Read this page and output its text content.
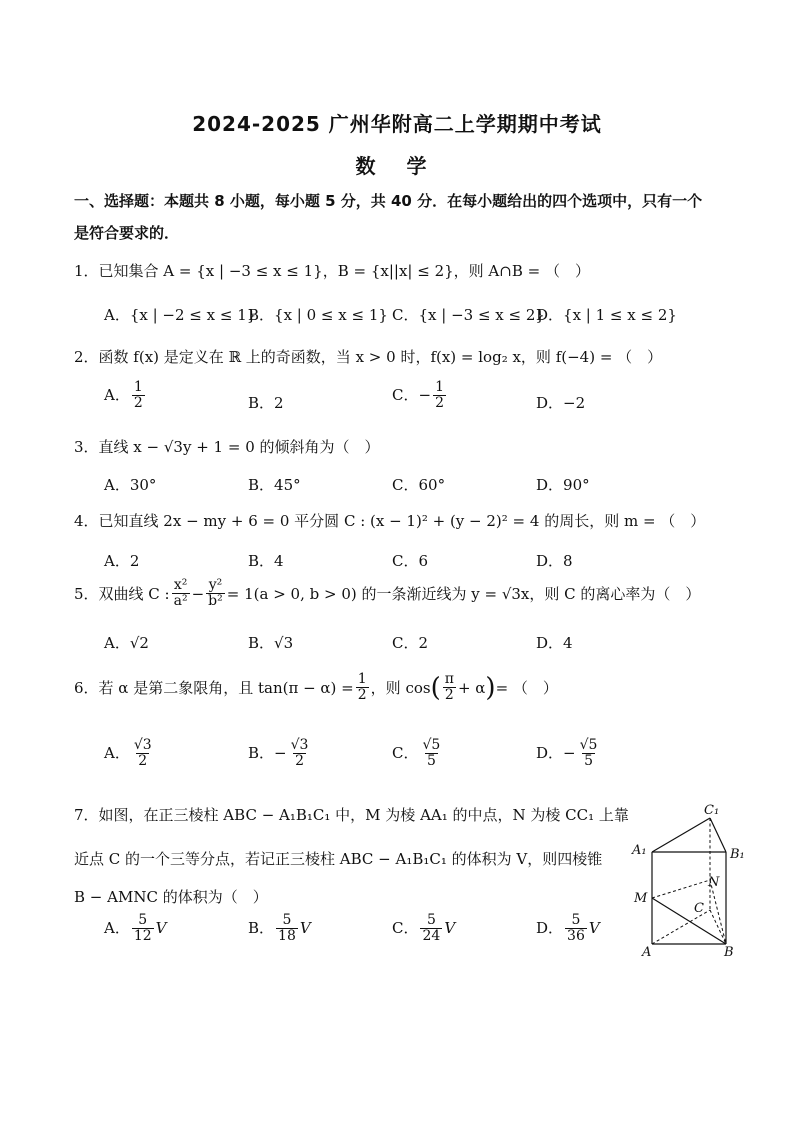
2024-2025 广州华附高二上学期期中考试
数 学
一、选择题：本题共 8 小题，每小题 5 分，共 40 分．在每小题给出的四个选项中，只有一个
是符合要求的．
1．已知集合 A = {x | −3 ≤ x ≤ 1}，B = {x||x| ≤ 2}，则 A∩B = （　）
A．{x | −2 ≤ x ≤ 1}
B．{x | 0 ≤ x ≤ 1} C．{x | −3 ≤ x ≤ 2}
D．{x | 1 ≤ x ≤ 2}
2．函数 f(x) 是定义在 ℝ 上的奇函数，当 x > 0 时，f(x) = log₂ x，则 f(−4) = （　）
A． $\frac{1}{2}$	B．2	C．− $\frac{1}{2}$	D．−2
3．直线 x − √3y + 1 = 0 的倾斜角为（　）
A．30°	B．45°	C．60°	D．90°
4．已知直线 2x − my + 6 = 0 平分圆 C : (x − 1)² + (y − 2)² = 4 的周长，则 m = （　）
A．2	B．4	C．6	D．8
5．双曲线 C : $\frac{\text{x²}}{\text{a²}} - \frac{\text{y²}}{\text{b²}} = 1(a > 0$, b > 0) 的一条渐近线为 y = √3x，则 C 的离心率为（　）
A．√2	B．√3	C．2	D．4
6．若 α 是第二象限角，且 $\tan(\pi - \alpha) = \frac{1}{2}$ ，则 $\cos( \frac{\pi}{2} + \alpha)=$ （　）
A． $\frac{√3}{2}$	B．− $\frac{√3}{2}$	C． $\frac{√5}{5}$	D．− $\frac{√5}{5}$
7．如图，在正三棱柱 ABC − A₁B₁C₁ 中，M 为棱 AA₁ 的中点，N 为棱 CC₁ 上靠
近点 C 的一个三等分点，若记正三棱柱 ABC − A₁B₁C₁ 的体积为 V，则四棱锥
B − AMNC 的体积为（　）
A． $\frac{5}{12}$ V	B． $\frac{5}{18}$ V	C． $\frac{5}{24}$ V	D． $\frac{5}{36}$ V
C₁
A₁	B₁
M
N
C
A	B
